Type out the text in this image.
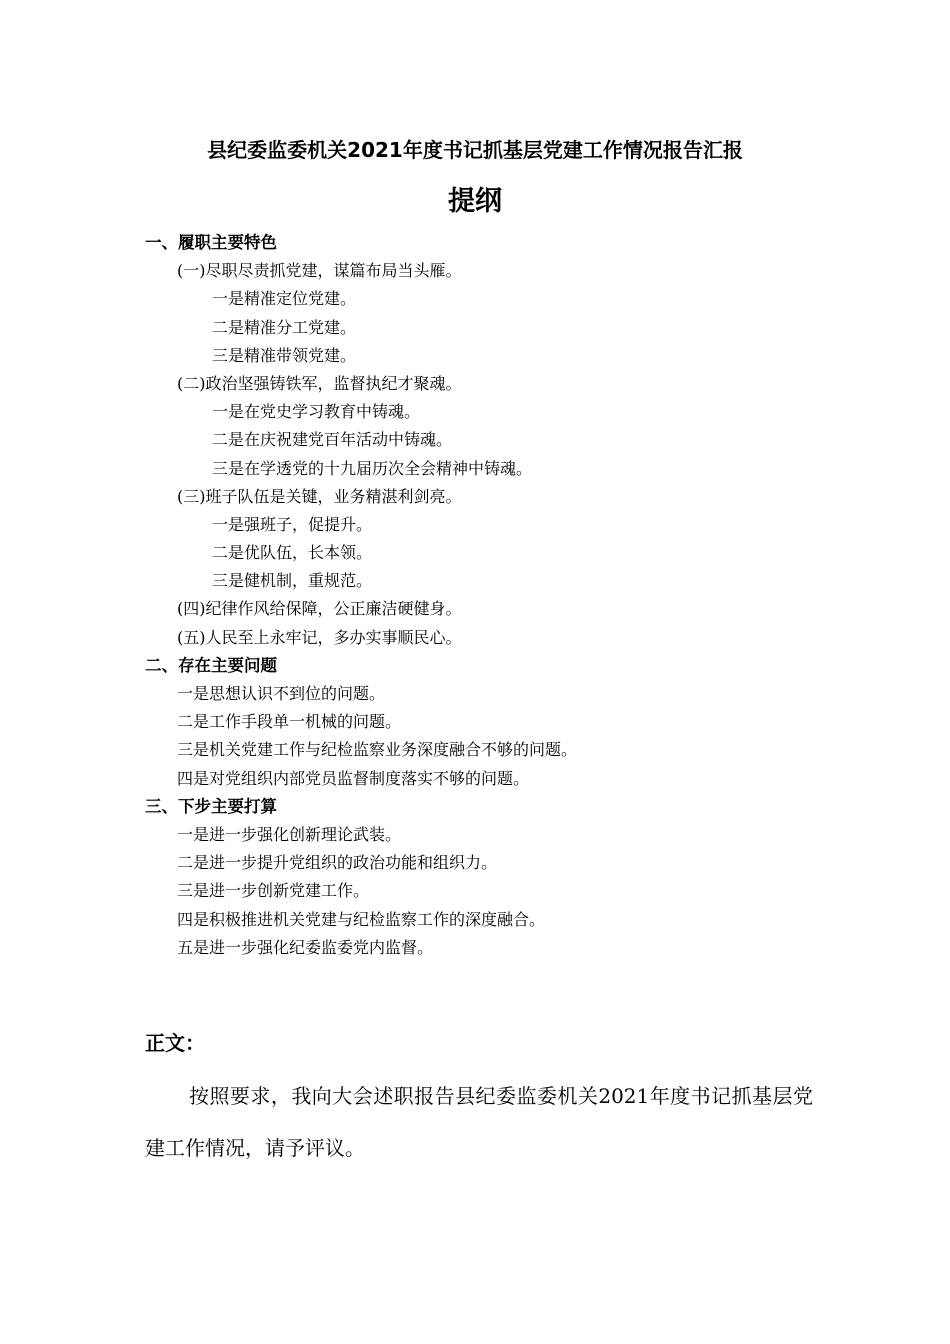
县纪委监委机关2021年度书记抓基层党建工作情况报告汇报
提纲
一、履职主要特色
(一)尽职尽责抓党建，谋篇布局当头雁。
一是精准定位党建。
二是精准分工党建。
三是精准带领党建。
(二)政治坚强铸铁军，监督执纪才聚魂。
一是在党史学习教育中铸魂。
二是在庆祝建党百年活动中铸魂。
三是在学透党的十九届历次全会精神中铸魂。
(三)班子队伍是关键，业务精湛利剑亮。
一是强班子，促提升。
二是优队伍，长本领。
三是健机制，重规范。
(四)纪律作风给保障，公正廉洁硬健身。
(五)人民至上永牢记，多办实事顺民心。
二、存在主要问题
一是思想认识不到位的问题。
二是工作手段单一机械的问题。
三是机关党建工作与纪检监察业务深度融合不够的问题。
四是对党组织内部党员监督制度落实不够的问题。
三、下步主要打算
一是进一步强化创新理论武装。
二是进一步提升党组织的政治功能和组织力。
三是进一步创新党建工作。
四是积极推进机关党建与纪检监察工作的深度融合。
五是进一步强化纪委监委党内监督。
正文：
按照要求，我向大会述职报告县纪委监委机关2021年度书记抓基层党建工作情况，请予评议。
